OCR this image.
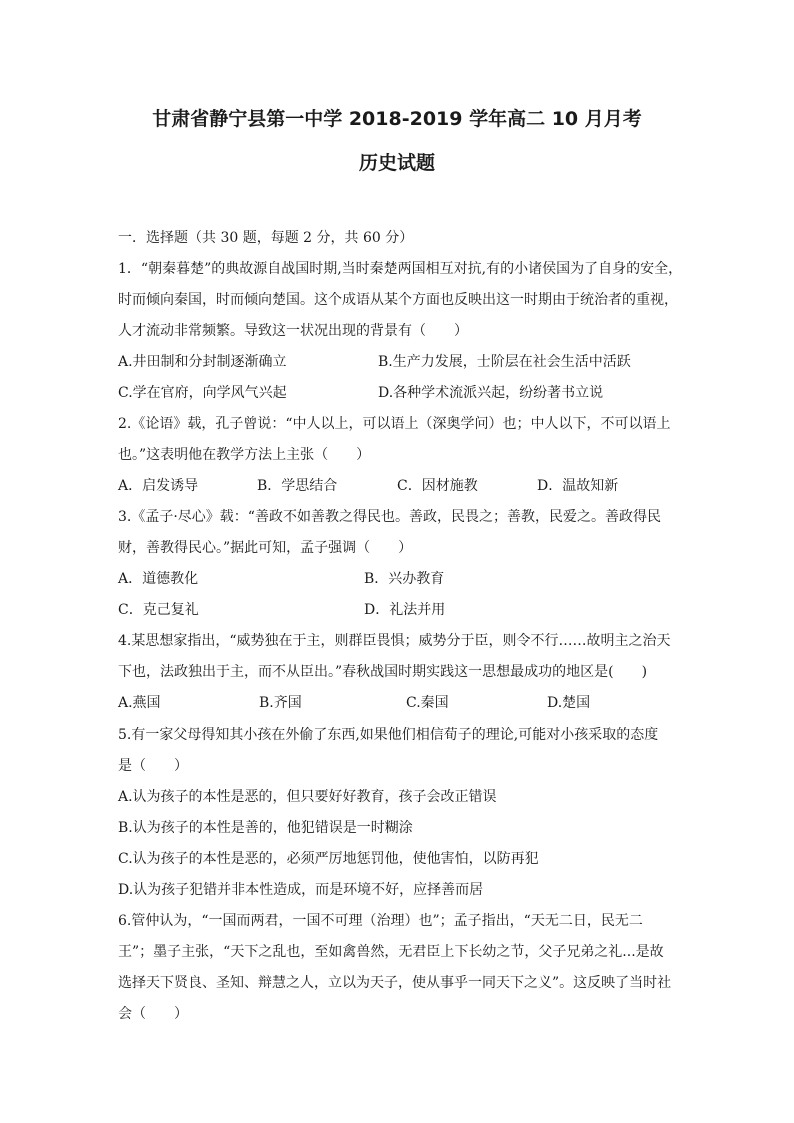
甘肃省静宁县第一中学 2018-2019 学年高二 10 月月考
历史试题

一．选择题（共 30 题，每题 2 分，共 60 分）

1．“朝秦暮楚”的典故源自战国时期,当时秦楚两国相互对抗,有的小诸侯国为了自身的安全，

时而倾向秦国，时而倾向楚国。这个成语从某个方面也反映出这一时期由于统治者的重视，

人才流动非常频繁。导致这一状况出现的背景有（　　）

A.井田制和分封制逐渐确立	B.生产力发展，士阶层在社会生活中活跃
C.学在官府，向学风气兴起	D.各种学术流派兴起，纷纷著书立说

2.《论语》载，孔子曾说：“中人以上，可以语上（深奥学问）也；中人以下，不可以语上

也。”这表明他在教学方法上主张（　　）

A．启发诱导	B．学思结合	C．因材施教	D．温故知新

3.《孟子·尽心》载：“善政不如善教之得民也。善政，民畏之；善教，民爱之。善政得民

财，善教得民心。”据此可知，孟子强调（　　）

A．道德教化	B．兴办教育
C．克己复礼	D．礼法并用

4.某思想家指出，“威势独在于主，则群臣畏惧；威势分于臣，则令不行……故明主之治天

下也，法政独出于主，而不从臣出。”春秋战国时期实践这一思想最成功的地区是(　　)

A.燕国	B.齐国	C.秦国	D.楚国

5.有一家父母得知其小孩在外偷了东西,如果他们相信荀子的理论,可能对小孩采取的态度

是（　　）

A.认为孩子的本性是恶的，但只要好好教育，孩子会改正错误
B.认为孩子的本性是善的，他犯错误是一时糊涂
C.认为孩子的本性是恶的，必须严厉地惩罚他，使他害怕，以防再犯
D.认为孩子犯错并非本性造成，而是环境不好，应择善而居

6.管仲认为，“一国而两君，一国不可理（治理）也”；孟子指出，“天无二日，民无二

王”；墨子主张，“天下之乱也，至如禽兽然，无君臣上下长幼之节，父子兄弟之礼...是故

选择天下贤良、圣知、辩慧之人，立以为天子，使从事乎一同天下之义”。这反映了当时社

会（　　）
